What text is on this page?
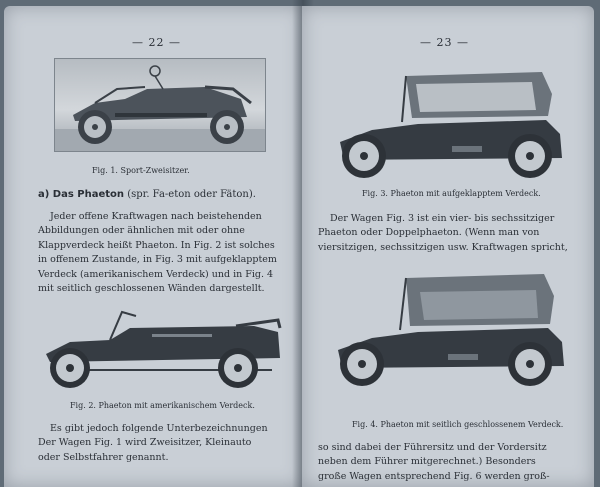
— 22 —
Fig. 1. Sport-Zweisitzer.
a) Das Phaeton (spr. Fa-eton oder Fäton).
Jeder offene Kraftwagen nach beistehenden
Abbildungen oder ähnlichen mit oder ohne
Klappverdeck heißt Phaeton. In Fig. 2 ist solches
in offenem Zustande, in Fig. 3 mit aufgeklapptem
Verdeck (amerikanischem Verdeck) und in Fig. 4
mit seitlich geschlossenen Wänden dargestellt.
Fig. 2. Phaeton mit amerikanischem Verdeck.
Es gibt jedoch folgende Unterbezeichnungen
Der Wagen Fig. 1 wird Zweisitzer, Kleinauto
oder Selbstfahrer genannt.
— 23 —
Fig. 3. Phaeton mit aufgeklapptem Verdeck.
Der Wagen Fig. 3 ist ein vier- bis sechssitziger
Phaeton oder Doppelphaeton. (Wenn man von
viersitzigen, sechssitzigen usw. Kraftwagen spricht,
Fig. 4. Phaeton mit seitlich geschlossenem Verdeck.
so sind dabei der Führersitz und der Vordersitz
neben dem Führer mitgerechnet.) Besonders
große Wagen entsprechend Fig. 6 werden groß-
